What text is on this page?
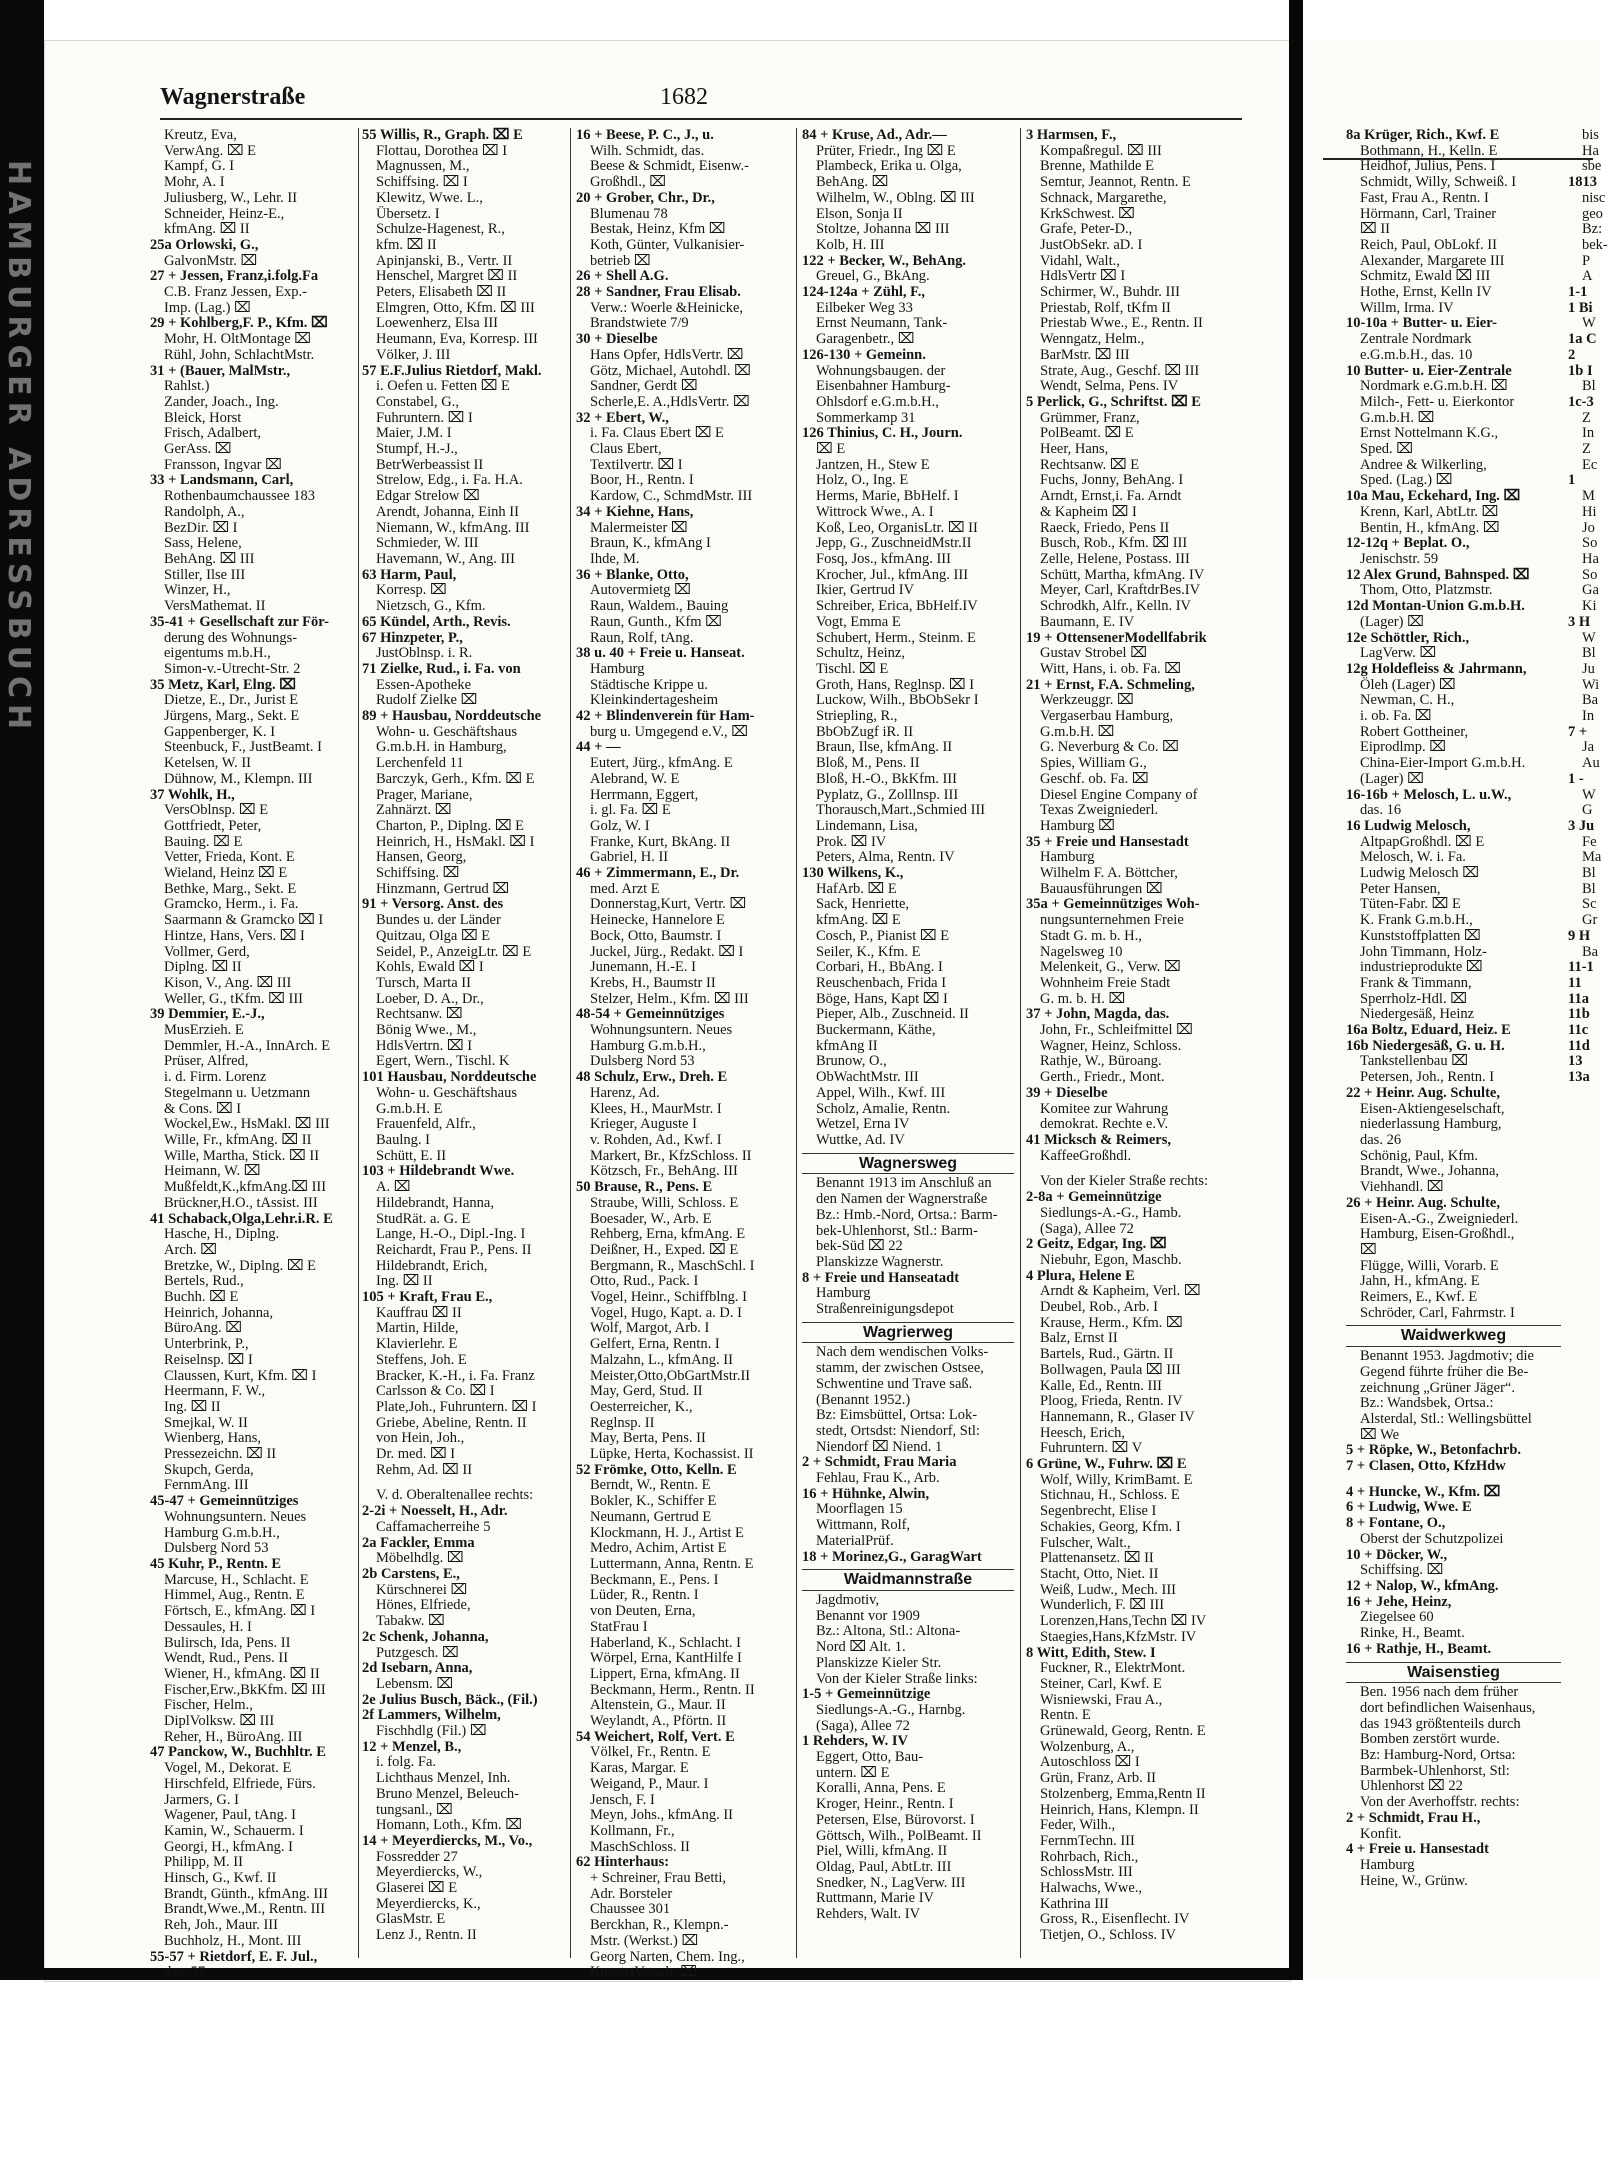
HAMBURGER ADRESSBUCH
Wagnerstraße	1682
Kreutz, Eva,
VerwAng. ⌧ E
Kampf, G. I
Mohr, A. I
Juliusberg, W., Lehr. II
Schneider, Heinz-E.,
kfmAng. ⌧ II
25a Orlowski, G.,
GalvonMstr. ⌧
27 + Jessen, Franz,i.folg.Fa
C.B. Franz Jessen, Exp.-
Imp. (Lag.) ⌧
29 + Kohlberg,F. P., Kfm. ⌧
Mohr, H. OltMontage ⌧
Rühl, John, SchlachtMstr.
31 + (Bauer, MalMstr.,
Rahlst.)
Zander, Joach., Ing.
Bleick, Horst
Frisch, Adalbert,
GerAss. ⌧
Fransson, Ingvar ⌧
33 + Landsmann, Carl,
Rothenbaumchaussee 183
Randolph, A.,
BezDir. ⌧ I
Sass, Helene,
BehAng. ⌧ III
Stiller, Ilse III
Winzer, H.,
VersMathemat. II
35-41 + Gesellschaft zur För-
derung des Wohnungs-
eigentums m.b.H.,
Simon-v.-Utrecht-Str. 2
35 Metz, Karl, Elng. ⌧
Dietze, E., Dr., Jurist E
Jürgens, Marg., Sekt. E
Gappenberger, K. I
Steenbuck, F., JustBeamt. I
Ketelsen, W. II
Dühnow, M., Klempn. III
37 Wohlk, H.,
VersOblnsp. ⌧ E
Gottfriedt, Peter,
Bauing. ⌧ E
Vetter, Frieda, Kont. E
Wieland, Heinz ⌧ E
Bethke, Marg., Sekt. E
Gramcko, Herm., i. Fa.
Saarmann & Gramcko ⌧ I
Hintze, Hans, Vers. ⌧ I
Vollmer, Gerd,
Diplng. ⌧ II
Kison, V., Ang. ⌧ III
Weller, G., tKfm. ⌧ III
39 Demmier, E.-J.,
MusErzieh. E
Demmler, H.-A., InnArch. E
Prüser, Alfred,
i. d. Firm. Lorenz
Stegelmann u. Uetzmann
& Cons. ⌧ I
Wockel,Ew., HsMakl. ⌧ III
Wille, Fr., kfmAng. ⌧ II
Wille, Martha, Stick. ⌧ II
Heimann, W. ⌧
Mußfeldt,K.,kfmAng.⌧ III
Brückner,H.O., tAssist. III
41 Schaback,Olga,Lehr.i.R. E
Hasche, H., Diplng.
Arch. ⌧
Bretzke, W., Diplng. ⌧ E
Bertels, Rud.,
Buchh. ⌧ E
Heinrich, Johanna,
BüroAng. ⌧
Unterbrink, P.,
Reiselnsp. ⌧ I
Claussen, Kurt, Kfm. ⌧ I
Heermann, F. W.,
Ing. ⌧ II
Smejkal, W. II
Wienberg, Hans,
Pressezeichn. ⌧ II
Skupch, Gerda,
FernmAng. III
45-47 + Gemeinnütziges
Wohnungsuntern. Neues
Hamburg G.m.b.H.,
Dulsberg Nord 53
45 Kuhr, P., Rentn. E
Marcuse, H., Schlacht. E
Himmel, Aug., Rentn. E
Förtsch, E., kfmAng. ⌧ I
Dessaules, H. I
Bulirsch, Ida, Pens. II
Wendt, Rud., Pens. II
Wiener, H., kfmAng. ⌧ II
Fischer,Erw.,BkKfm. ⌧ III
Fischer, Helm.,
DiplVolksw. ⌧ III
Reher, H., BüroAng. III
47 Panckow, W., Buchhltr. E
Vogel, M., Dekorat. E
Hirschfeld, Elfriede, Fürs.
Jarmers, G. I
Wagener, Paul, tAng. I
Kamin, W., Schauerm. I
Georgi, H., kfmAng. I
Philipp, M. II
Hinsch, G., Kwf. II
Brandt, Günth., kfmAng. III
Brandt,Wwe.,M., Rentn. III
Reh, Joh., Maur. III
Buchholz, H., Mont. III
55-57 + Rietdorf, E. F. Jul.,
das. 57
55 Willis, R., Graph. ⌧ E
Flottau, Dorothea ⌧ I
Magnussen, M.,
Schiffsing. ⌧ I
Klewitz, Wwe. L.,
Übersetz. I
Schulze-Hagenest, R.,
kfm. ⌧ II
Apinjanski, B., Vertr. II
Henschel, Margret ⌧ II
Peters, Elisabeth ⌧ II
Elmgren, Otto, Kfm. ⌧ III
Loewenherz, Elsa III
Heumann, Eva, Korresp. III
Völker, J. III
57 E.F.Julius Rietdorf, Makl.
i. Oefen u. Fetten ⌧ E
Constabel, G.,
Fuhruntern. ⌧ I
Maier, J.M. I
Stumpf, H.-J.,
BetrWerbeassist II
Strelow, Edg., i. Fa. H.A.
Edgar Strelow ⌧
Arendt, Johanna, Einh II
Niemann, W., kfmAng. III
Schmieder, W. III
Havemann, W., Ang. III
63 Harm, Paul,
Korresp. ⌧
Nietzsch, G., Kfm.
65 Kündel, Arth., Revis.
67 Hinzpeter, P.,
JustOblnsp. i. R.
71 Zielke, Rud., i. Fa. von
Essen-Apotheke
Rudolf Zielke ⌧
89 + Hausbau, Norddeutsche
Wohn- u. Geschäftshaus
G.m.b.H. in Hamburg,
Lerchenfeld 11
Barczyk, Gerh., Kfm. ⌧ E
Prager, Mariane,
Zahnärzt. ⌧
Charton, P., Diplng. ⌧ E
Heinrich, H., HsMakl. ⌧ I
Hansen, Georg,
Schiffsing. ⌧
Hinzmann, Gertrud ⌧
91 + Versorg. Anst. des
Bundes u. der Länder
Quitzau, Olga ⌧ E
Seidel, P., AnzeigLtr. ⌧ E
Kohls, Ewald ⌧ I
Tursch, Marta II
Loeber, D. A., Dr.,
Rechtsanw. ⌧
Bönig Wwe., M.,
HdlsVertrn. ⌧ I
Egert, Wern., Tischl. K
101 Hausbau, Norddeutsche
Wohn- u. Geschäftshaus
G.m.b.H. E
Frauenfeld, Alfr.,
Baulng. I
Schütt, E. II
103 + Hildebrandt Wwe.
A. ⌧
Hildebrandt, Hanna,
StudRät. a. G. E
Lange, H.-O., Dipl.-Ing. I
Reichardt, Frau P., Pens. II
Hildebrandt, Erich,
Ing. ⌧ II
105 + Kraft, Frau E.,
Kauffrau ⌧ II
Martin, Hilde,
Klavierlehr. E
Steffens, Joh. E
Bracker, K.-H., i. Fa. Franz
Carlsson & Co. ⌧ I
Plate,Joh., Fuhruntern. ⌧ I
Griebe, Abeline, Rentn. II
von Hein, Joh.,
Dr. med. ⌧ I
Rehm, Ad. ⌧ II
V. d. Oberaltenallee rechts:
2-2i + Noesselt, H., Adr.
Caffamacherreihe 5
2a Fackler, Emma
Möbelhdlg. ⌧
2b Carstens, E.,
Kürschnerei ⌧
Hönes, Elfriede,
Tabakw. ⌧
2c Schenk, Johanna,
Putzgesch. ⌧
2d Isebarn, Anna,
Lebensm. ⌧
2e Julius Busch, Bäck., (Fil.)
2f Lammers, Wilhelm,
Fischhdlg (Fil.) ⌧
12 + Menzel, B.,
i. folg. Fa.
Lichthaus Menzel, Inh.
Bruno Menzel, Beleuch-
tungsanl., ⌧
Homann, Loth., Kfm. ⌧
14 + Meyerdiercks, M., Vo.,
Fossredder 27
Meyerdiercks, W.,
Glaserei ⌧ E
Meyerdiercks, K.,
GlasMstr. E
Lenz J., Rentn. II
16 + Beese, P. C., J., u.
Wilh. Schmidt, das.
Beese & Schmidt, Eisenw.-
Großhdl., ⌧
20 + Grober, Chr., Dr.,
Blumenau 78
Bestak, Heinz, Kfm ⌧
Koth, Günter, Vulkanisier-
betrieb ⌧
26 + Shell A.G.
28 + Sandner, Frau Elisab.
Verw.: Woerle &Heinicke,
Brandstwiete 7/9
30 + Dieselbe
Hans Opfer, HdlsVertr. ⌧
Götz, Michael, Autohdl. ⌧
Sandner, Gerdt ⌧
Scherle,E. A.,HdlsVertr. ⌧
32 + Ebert, W.,
i. Fa. Claus Ebert ⌧ E
Claus Ebert,
Textilvertr. ⌧ I
Boor, H., Rentn. I
Kardow, C., SchmdMstr. III
34 + Kiehne, Hans,
Malermeister ⌧
Braun, K., kfmAng I
Ihde, M.
36 + Blanke, Otto,
Autovermietg ⌧
Raun, Waldem., Bauing
Raun, Gunth., Kfm ⌧
Raun, Rolf, tAng.
38 u. 40 + Freie u. Hanseat.
Hamburg
Städtische Krippe u.
Kleinkindertagesheim
42 + Blindenverein für Ham-
burg u. Umgegend e.V., ⌧
44 + —
Eutert, Jürg., kfmAng. E
Alebrand, W. E
Herrmann, Eggert,
i. gl. Fa. ⌧ E
Golz, W. I
Franke, Kurt, BkAng. II
Gabriel, H. II
46 + Zimmermann, E., Dr.
med. Arzt E
Donnerstag,Kurt, Vertr. ⌧
Heinecke, Hannelore E
Bock, Otto, Baumstr. I
Juckel, Jürg., Redakt. ⌧ I
Junemann, H.-E. I
Krebs, H., Baumstr II
Stelzer, Helm., Kfm. ⌧ III
48-54 + Gemeinnütziges
Wohnungsuntern. Neues
Hamburg G.m.b.H.,
Dulsberg Nord 53
48 Schulz, Erw., Dreh. E
Harenz, Ad.
Klees, H., MaurMstr. I
Krieger, Auguste I
v. Rohden, Ad., Kwf. I
Markert, Br., KfzSchloss. II
Kötzsch, Fr., BehAng. III
50 Brause, R., Pens. E
Straube, Willi, Schloss. E
Boesader, W., Arb. E
Rehberg, Erna, kfmAng. E
Deißner, H., Exped. ⌧ E
Bergmann, R., MaschSchl. I
Otto, Rud., Pack. I
Vogel, Heinr., Schiffblng. I
Vogel, Hugo, Kapt. a. D. I
Wolf, Margot, Arb. I
Gelfert, Erna, Rentn. I
Malzahn, L., kfmAng. II
Meister,Otto,ObGartMstr.II
May, Gerd, Stud. II
Oesterreicher, K.,
Reglnsp. II
May, Berta, Pens. II
Lüpke, Herta, Kochassist. II
52 Frömke, Otto, Kelln. E
Berndt, W., Rentn. E
Bokler, K., Schiffer E
Neumann, Gertrud E
Klockmann, H. J., Artist E
Medro, Achim, Artist E
Luttermann, Anna, Rentn. E
Beckmann, E., Pens. I
Lüder, R., Rentn. I
von Deuten, Erna,
StatFrau I
Haberland, K., Schlacht. I
Wörpel, Erna, KantHilfe I
Lippert, Erna, kfmAng. II
Beckmann, Herm., Rentn. II
Altenstein, G., Maur. II
Weylandt, A., Pförtn. II
54 Weichert, Rolf, Vert. E
Völkel, Fr., Rentn. E
Karas, Margar. E
Weigand, P., Maur. I
Jensch, F. I
Meyn, Johs., kfmAng. II
Kollmann, Fr.,
MaschSchloss. II
62 Hinterhaus:
+ Schreiner, Frau Betti,
Adr. Borsteler
Chaussee 301
Berckhan, R., Klempn.-
Mstr. (Werkst.) ⌧
Georg Narten, Chem. Ing.,
KunststVerarb. ⌧
84 + Kruse, Ad., Adr.—
Prüter, Friedr., Ing ⌧ E
Plambeck, Erika u. Olga,
BehAng. ⌧
Wilhelm, W., Oblng. ⌧ III
Elson, Sonja II
Stoltze, Johanna ⌧ III
Kolb, H. III
122 + Becker, W., BehAng.
Greuel, G., BkAng.
124-124a + Zühl, F.,
Eilbeker Weg 33
Ernst Neumann, Tank-
Garagenbetr., ⌧
126-130 + Gemeinn.
Wohnungsbaugen. der
Eisenbahner Hamburg-
Ohlsdorf e.G.m.b.H.,
Sommerkamp 31
126 Thinius, C. H., Journ.
⌧ E
Jantzen, H., Stew E
Holz, O., Ing. E
Herms, Marie, BbHelf. I
Wittrock Wwe., A. I
Koß, Leo, OrganisLtr. ⌧ II
Jepp, G., ZuschneidMstr.II
Fosq, Jos., kfmAng. III
Krocher, Jul., kfmAng. III
Ikier, Gertrud IV
Schreiber, Erica, BbHelf.IV
Vogt, Emma E
Schubert, Herm., Steinm. E
Schultz, Heinz,
Tischl. ⌧ E
Groth, Hans, Reglnsp. ⌧ I
Luckow, Wilh., BbObSekr I
Striepling, R.,
BbObZugf iR. II
Braun, Ilse, kfmAng. II
Bloß, M., Pens. II
Bloß, H.-O., BkKfm. III
Pyplatz, G., Zolllnsp. III
Thorausch,Mart.,Schmied III
Lindemann, Lisa,
Prok. ⌧ IV
Peters, Alma, Rentn. IV
130 Wilkens, K.,
HafArb. ⌧ E
Sack, Henriette,
kfmAng. ⌧ E
Cosch, P., Pianist ⌧ E
Seiler, K., Kfm. E
Corbari, H., BbAng. I
Reuschenbach, Frida I
Böge, Hans, Kapt ⌧ I
Pieper, Alb., Zuschneid. II
Buckermann, Käthe,
kfmAng II
Brunow, O.,
ObWachtMstr. III
Appel, Wilh., Kwf. III
Scholz, Amalie, Rentn.
Wetzel, Erna IV
Wuttke, Ad. IV
Wagnersweg
Benannt 1913 im Anschluß an
den Namen der Wagnerstraße
Bz.: Hmb.-Nord, Ortsa.: Barm-
bek-Uhlenhorst, Stl.: Barm-
bek-Süd ⌧ 22
Planskizze Wagnerstr.
8 + Freie und Hanseatadt
Hamburg
Straßenreinigungsdepot
Wagrierweg
Nach dem wendischen Volks-
stamm, der zwischen Ostsee,
Schwentine und Trave saß.
(Benannt 1952.)
Bz: Eimsbüttel, Ortsa: Lok-
stedt, Ortsdst: Niendorf, Stl:
Niendorf ⌧ Niend. 1
2 + Schmidt, Frau Maria
Fehlau, Frau K., Arb.
16 + Hühnke, Alwin,
Moorflagen 15
Wittmann, Rolf,
MaterialPrüf.
18 + Morinez,G., GaragWart
Waidmannstraße
Jagdmotiv,
Benannt vor 1909
Bz.: Altona, Stl.: Altona-
Nord ⌧ Alt. 1.
Planskizze Kieler Str.
Von der Kieler Straße links:
1-5 + Gemeinnützige
Siedlungs-A.-G., Harnbg.
(Saga), Allee 72
1 Rehders, W. IV
Eggert, Otto, Bau-
untern. ⌧ E
Koralli, Anna, Pens. E
Kroger, Heinr., Rentn. I
Petersen, Else, Bürovorst. I
Göttsch, Wilh., PolBeamt. II
Piel, Willi, kfmAng. II
Oldag, Paul, AbtLtr. III
Snedker, N., LagVerw. III
Ruttmann, Marie IV
Rehders, Walt. IV
3 Harmsen, F.,
Kompaßregul. ⌧ III
Brenne, Mathilde E
Semtur, Jeannot, Rentn. E
Schnack, Margarethe,
KrkSchwest. ⌧
Grafe, Peter-D.,
JustObSekr. aD. I
Vidahl, Walt.,
HdlsVertr ⌧ I
Schirmer, W., Buhdr. III
Priestab, Rolf, tKfm II
Priestab Wwe., E., Rentn. II
Wenngatz, Helm.,
BarMstr. ⌧ III
Strate, Aug., Geschf. ⌧ III
Wendt, Selma, Pens. IV
5 Perlick, G., Schriftst. ⌧ E
Grümmer, Franz,
PolBeamt. ⌧ E
Heer, Hans,
Rechtsanw. ⌧ E
Fuchs, Jonny, BehAng. I
Arndt, Ernst,i. Fa. Arndt
& Kapheim ⌧ I
Raeck, Friedo, Pens II
Busch, Rob., Kfm. ⌧ III
Zelle, Helene, Postass. III
Schütt, Martha, kfmAng. IV
Meyer, Carl, KraftdrBes.IV
Schrodkh, Alfr., Kelln. IV
Baumann, E. IV
19 + OttensenerModellfabrik
Gustav Strobel ⌧
Witt, Hans, i. ob. Fa. ⌧
21 + Ernst, F.A. Schmeling,
Werkzeuggr. ⌧
Vergaserbau Hamburg,
G.m.b.H. ⌧
G. Neverburg & Co. ⌧
Spies, William G.,
Geschf. ob. Fa. ⌧
Diesel Engine Company of
Texas Zweigniederl.
Hamburg ⌧
35 + Freie und Hansestadt
Hamburg
Wilhelm F. A. Böttcher,
Bauausführungen ⌧
35a + Gemeinnütziges Woh-
nungsunternehmen Freie
Stadt G. m. b. H.,
Nagelsweg 10
Melenkeit, G., Verw. ⌧
Wohnheim Freie Stadt
G. m. b. H. ⌧
37 + John, Magda, das.
John, Fr., Schleifmittel ⌧
Wagner, Heinz, Schloss.
Rathje, W., Büroang.
Gerth., Friedr., Mont.
39 + Dieselbe
Komitee zur Wahrung
demokrat. Rechte e.V.
41 Micksch & Reimers,
KaffeeGroßhdl.
Von der Kieler Straße rechts:
2-8a + Gemeinnützige
Siedlungs-A.-G., Hamb.
(Saga), Allee 72
2 Geitz, Edgar, Ing. ⌧
Niebuhr, Egon, Maschb.
4 Plura, Helene E
Arndt & Kapheim, Verl. ⌧
Deubel, Rob., Arb. I
Krause, Herm., Kfm. ⌧
Balz, Ernst II
Bartels, Rud., Gärtn. II
Bollwagen, Paula ⌧ III
Kalle, Ed., Rentn. III
Ploog, Frieda, Rentn. IV
Hannemann, R., Glaser IV
Heesch, Erich,
Fuhruntern. ⌧ V
6 Grüne, W., Fuhrw. ⌧ E
Wolf, Willy, KrimBamt. E
Stichnau, H., Schloss. E
Segenbrecht, Elise I
Schakies, Georg, Kfm. I
Fulscher, Walt.,
Plattenansetz. ⌧ II
Stacht, Otto, Niet. II
Weiß, Ludw., Mech. III
Wunderlich, F. ⌧ III
Lorenzen,Hans,Techn ⌧ IV
Staegies,Hans,KfzMstr. IV
8 Witt, Edith, Stew. I
Fuckner, R., ElektrMont.
Steiner, Carl, Kwf. E
Wisniewski, Frau A.,
Rentn. E
Grünewald, Georg, Rentn. E
Wolzenburg, A.,
Autoschloss ⌧ I
Grün, Franz, Arb. II
Stolzenberg, Emma,Rentn II
Heinrich, Hans, Klempn. II
Feder, Wilh.,
FernmTechn. III
Rohrbach, Rich.,
SchlossMstr. III
Halwachs, Wwe.,
Kathrina III
Gross, R., Eisenflecht. IV
Tietjen, O., Schloss. IV
8a Krüger, Rich., Kwf. E
Bothmann, H., Kelln. E
Heidhof, Julius, Pens. I
Schmidt, Willy, Schweiß. I
Fast, Frau A., Rentn. I
Hörmann, Carl, Trainer
⌧ II
Reich, Paul, ObLokf. II
Alexander, Margarete III
Schmitz, Ewald ⌧ III
Hothe, Ernst, Kelln IV
Willm, Irma. IV
10-10a + Butter- u. Eier-
Zentrale Nordmark
e.G.m.b.H., das. 10
10 Butter- u. Eier-Zentrale
Nordmark e.G.m.b.H. ⌧
Milch-, Fett- u. Eierkontor
G.m.b.H. ⌧
Ernst Nottelmann K.G.,
Sped. ⌧
Andree & Wilkerling,
Sped. (Lag.) ⌧
10a Mau, Eckehard, Ing. ⌧
Krenn, Karl, AbtLtr. ⌧
Bentin, H., kfmAng. ⌧
12-12q + Beplat. O.,
Jenischstr. 59
12 Alex Grund, Bahnsped. ⌧
Thom, Otto, Platzmstr.
12d Montan-Union G.m.b.H.
(Lager) ⌧
12e Schöttler, Rich.,
LagVerw. ⌧
12g Holdefleiss & Jahrmann,
Öleh (Lager) ⌧
Newman, C. H.,
i. ob. Fa. ⌧
Robert Gottheiner,
Eiprodlmp. ⌧
China-Eier-Import G.m.b.H.
(Lager) ⌧
16-16b + Melosch, L. u.W.,
das. 16
16 Ludwig Melosch,
AltpapGroßhdl. ⌧ E
Melosch, W. i. Fa.
Ludwig Melosch ⌧
Peter Hansen,
Tüten-Fabr. ⌧ E
K. Frank G.m.b.H.,
Kunststoffplatten ⌧
John Timmann, Holz-
industrieprodukte ⌧
Frank & Timmann,
Sperrholz-Hdl. ⌧
Niedergesäß, Heinz
16a Boltz, Eduard, Heiz. E
16b Niedergesäß, G. u. H.
Tankstellenbau ⌧
Petersen, Joh., Rentn. I
22 + Heinr. Aug. Schulte,
Eisen-Aktiengeselschaft,
niederlassung Hamburg,
das. 26
Schönig, Paul, Kfm.
Brandt, Wwe., Johanna,
Viehhandl. ⌧
26 + Heinr. Aug. Schulte,
Eisen-A.-G., Zweigniederl.
Hamburg, Eisen-Großhdl.,
⌧
Flügge, Willi, Vorarb. E
Jahn, H., kfmAng. E
Reimers, E., Kwf. E
Schröder, Carl, Fahrmstr. I
Waidwerkweg
Benannt 1953. Jagdmotiv; die
Gegend führte früher die Be-
zeichnung „Grüner Jäger“.
Bz.: Wandsbek, Ortsa.:
Alsterdal, Stl.: Wellingsbüttel
⌧ We
5 + Röpke, W., Betonfachrb.
7 + Clasen, Otto, KfzHdw
4 + Huncke, W., Kfm. ⌧
6 + Ludwig, Wwe. E
8 + Fontane, O.,
Oberst der Schutzpolizei
10 + Döcker, W.,
Schiffsing. ⌧
12 + Nalop, W., kfmAng.
16 + Jehe, Heinz,
Ziegelsee 60
Rinke, H., Beamt.
16 + Rathje, H., Beamt.
Waisenstieg
Ben. 1956 nach dem früher
dort befindlichen Waisenhaus,
das 1943 größtenteils durch
Bomben zerstört wurde.
Bz: Hamburg-Nord, Ortsa:
Barmbek-Uhlenhorst, Stl:
Uhlenhorst ⌧ 22
Von der Averhoffstr. rechts:
2 + Schmidt, Frau H.,
Konfit.
4 + Freie u. Hansestadt
Hamburg
Heine, W., Grünw.
bis
Ha
sbe
1813
nisc
geo
Bz:
bek-
P
A
1-1
1 Bi
W
1a C
2
1b I
Bl
1c-3
Z
In
Z
Ec
1
M
Hi
Jo
So
Ha
So
Ga
Ki
3 H
W
Bl
Ju
Wi
Ba
In
7 +
Ja
Au
1 -
W
G
3 Ju
Fe
Ma
Bl
Bl
Sc
Gr
9 H
Ba
11-1
11
11a
11b
11c
11d
13
13a
